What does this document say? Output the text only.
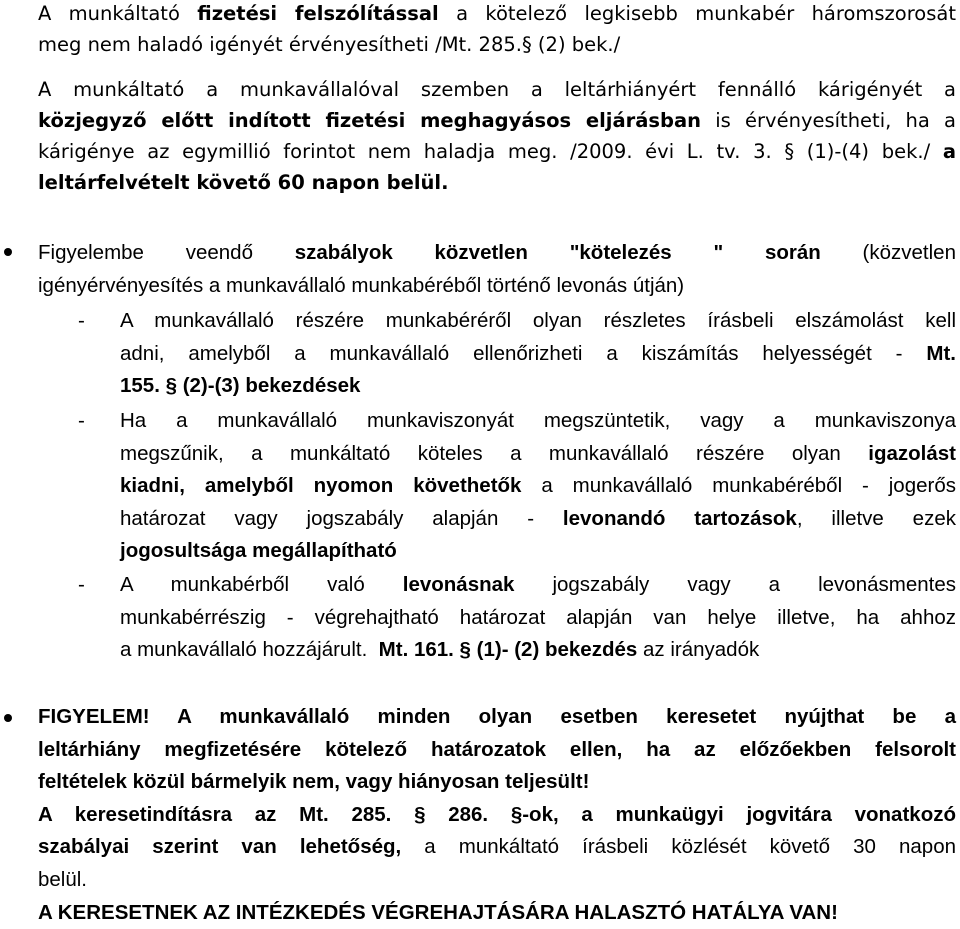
A munkáltató fizetési felszólítással a kötelező legkisebb munkabér háromszorosát
meg nem haladó igényét érvényesítheti /Mt. 285.§ (2) bek./
A munkáltató a munkavállalóval szemben a leltárhiányért fennálló kárigényét a
közjegyző előtt indított fizetési meghagyásos eljárásban is érvényesítheti, ha a
kárigénye az egymillió forintot nem haladja meg. /2009. évi L. tv. 3. § (1)-(4) bek./ a
leltárfelvételt követő 60 napon belül.
Figyelembe veendő szabályok közvetlen "kötelezés " során (közvetlen
igényérvényesítés a munkavállaló munkabéréből történő levonás útján)
- A munkavállaló részére munkabéréről olyan részletes írásbeli elszámolást kell
adni, amelyből a munkavállaló ellenőrizheti a kiszámítás helyességét - Mt.
155. § (2)-(3) bekezdések
- Ha a munkavállaló munkaviszonyát megszüntetik, vagy a munkaviszonya
megszűnik, a munkáltató köteles a munkavállaló részére olyan igazolást
kiadni, amelyből nyomon követhetők a munkavállaló munkabéréből - jogerős
határozat vagy jogszabály alapján - levonandó tartozások, illetve ezek
jogosultsága megállapítható
- A munkabérből való levonásnak jogszabály vagy a levonásmentes
munkabérrészig - végrehajtható határozat alapján van helye illetve, ha ahhoz
a munkavállaló hozzájárult.  Mt. 161. § (1)- (2) bekezdés az irányadók
FIGYELEM! A munkavállaló minden olyan esetben keresetet nyújthat be a
leltárhiány megfizetésére kötelező határozatok ellen, ha az előzőekben felsorolt
feltételek közül bármelyik nem, vagy hiányosan teljesült!
A keresetindításra az Mt. 285. § 286. §-ok, a munkaügyi jogvitára vonatkozó
szabályai szerint van lehetőség, a munkáltató írásbeli közlését követő 30 napon
belül.
A KERESETNEK AZ INTÉZKEDÉS VÉGREHAJTÁSÁRA HALASZTÓ HATÁLYA VAN!
